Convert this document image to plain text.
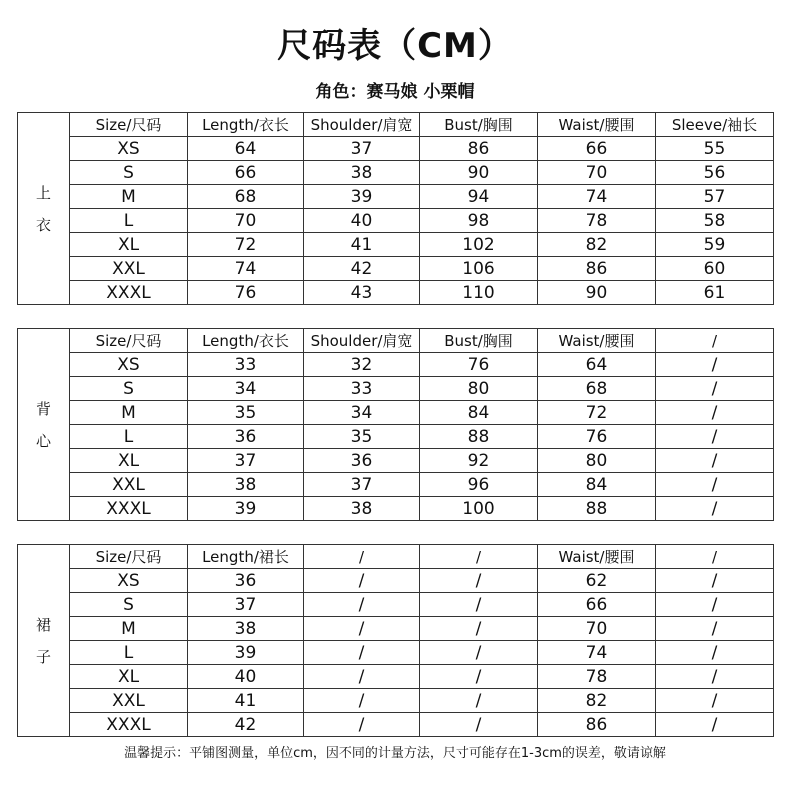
尺码表（CM）
角色：赛马娘 小栗帽
上
衣	Size/尺码	Length/衣长	Shoulder/肩宽	Bust/胸围	Waist/腰围	Sleeve/袖长
	XS	64	37	86	66	55
	S	66	38	90	70	56
	M	68	39	94	74	57
	L	70	40	98	78	58
	XL	72	41	102	82	59
	XXL	74	42	106	86	60
	XXXL	76	43	110	90	61
背
心	Size/尺码	Length/衣长	Shoulder/肩宽	Bust/胸围	Waist/腰围	/
	XS	33	32	76	64	/
	S	34	33	80	68	/
	M	35	34	84	72	/
	L	36	35	88	76	/
	XL	37	36	92	80	/
	XXL	38	37	96	84	/
	XXXL	39	38	100	88	/
裙
子	Size/尺码	Length/裙长	/	/	Waist/腰围	/
	XS	36	/	/	62	/
	S	37	/	/	66	/
	M	38	/	/	70	/
	L	39	/	/	74	/
	XL	40	/	/	78	/
	XXL	41	/	/	82	/
	XXXL	42	/	/	86	/
温馨提示：平铺图测量，单位cm，因不同的计量方法，尺寸可能存在1-3cm的误差，敬请谅解
